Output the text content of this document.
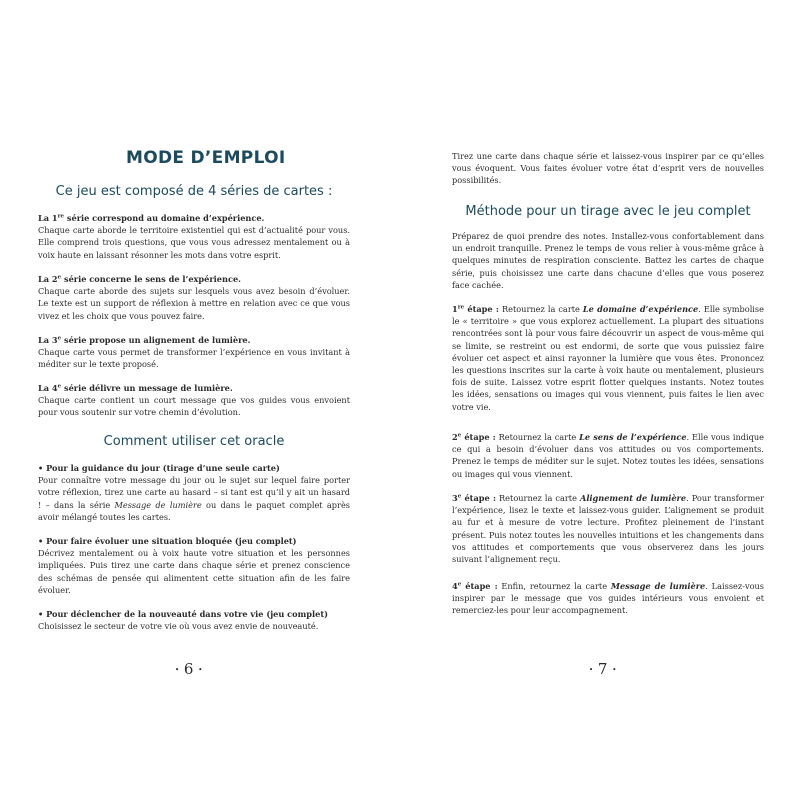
MODE D’EMPLOI
Ce jeu est composé de 4 séries de cartes :
La 1re série correspond au domaine d’expérience.
Chaque carte aborde le territoire existentiel qui est d’actualité pour vous. Elle comprend trois questions, que vous vous adressez mentalement ou à voix haute en laissant résonner les mots dans votre esprit.
La 2e série concerne le sens de l’expérience.
Chaque carte aborde des sujets sur lesquels vous avez besoin d’évoluer. Le texte est un support de réflexion à mettre en relation avec ce que vous vivez et les choix que vous pouvez faire.
La 3e série propose un alignement de lumière.
Chaque carte vous permet de transformer l’expérience en vous invitant à méditer sur le texte proposé.
La 4e série délivre un message de lumière.
Chaque carte contient un court message que vos guides vous envoient pour vous soutenir sur votre chemin d’évolution.
Comment utiliser cet oracle
• Pour la guidance du jour (tirage d’une seule carte)
Pour connaître votre message du jour ou le sujet sur lequel faire porter votre réflexion, tirez une carte au hasard – si tant est qu’il y ait un hasard ! – dans la série Message de lumière ou dans le paquet complet après avoir mélangé toutes les cartes.
• Pour faire évoluer une situation bloquée (jeu complet)
Décrivez mentalement ou à voix haute votre situation et les personnes impliquées. Puis tirez une carte dans chaque série et prenez conscience des schémas de pensée qui alimentent cette situation afin de les faire évoluer.
• Pour déclencher de la nouveauté dans votre vie (jeu complet)
Choisissez le secteur de votre vie où vous avez envie de nouveauté.
• 6 •
Tirez une carte dans chaque série et laissez-vous inspirer par ce qu’elles vous évoquent. Vous faites évoluer votre état d’esprit vers de nouvelles possibilités.
Méthode pour un tirage avec le jeu complet
Préparez de quoi prendre des notes. Installez-vous confortablement dans un endroit tranquille. Prenez le temps de vous relier à vous-même grâce à quelques minutes de respiration consciente. Battez les cartes de chaque série, puis choisissez une carte dans chacune d’elles que vous poserez face cachée.
1re étape : Retournez la carte Le domaine d’expérience. Elle symbolise le « territoire » que vous explorez actuellement. La plupart des situations rencontrées sont là pour vous faire découvrir un aspect de vous-même qui se limite, se restreint ou est endormi, de sorte que vous puissiez faire évoluer cet aspect et ainsi rayonner la lumière que vous êtes. Prononcez les questions inscrites sur la carte à voix haute ou mentalement, plusieurs fois de suite. Laissez votre esprit flotter quelques instants. Notez toutes les idées, sensations ou images qui vous viennent, puis faites le lien avec votre vie.
2e étape : Retournez la carte Le sens de l’expérience. Elle vous indique ce qui a besoin d’évoluer dans vos attitudes ou vos comportements. Prenez le temps de méditer sur le sujet. Notez toutes les idées, sensations ou images qui vous viennent.
3e étape : Retournez la carte Alignement de lumière. Pour transformer l’expérience, lisez le texte et laissez-vous guider. L’alignement se produit au fur et à mesure de votre lecture. Profitez pleinement de l’instant présent. Puis notez toutes les nouvelles intuitions et les changements dans vos attitudes et comportements que vous observerez dans les jours suivant l’alignement reçu.
4e étape : Enfin, retournez la carte Message de lumière. Laissez-vous inspirer par le message que vos guides intérieurs vous envoient et remerciez-les pour leur accompagnement.
• 7 •
